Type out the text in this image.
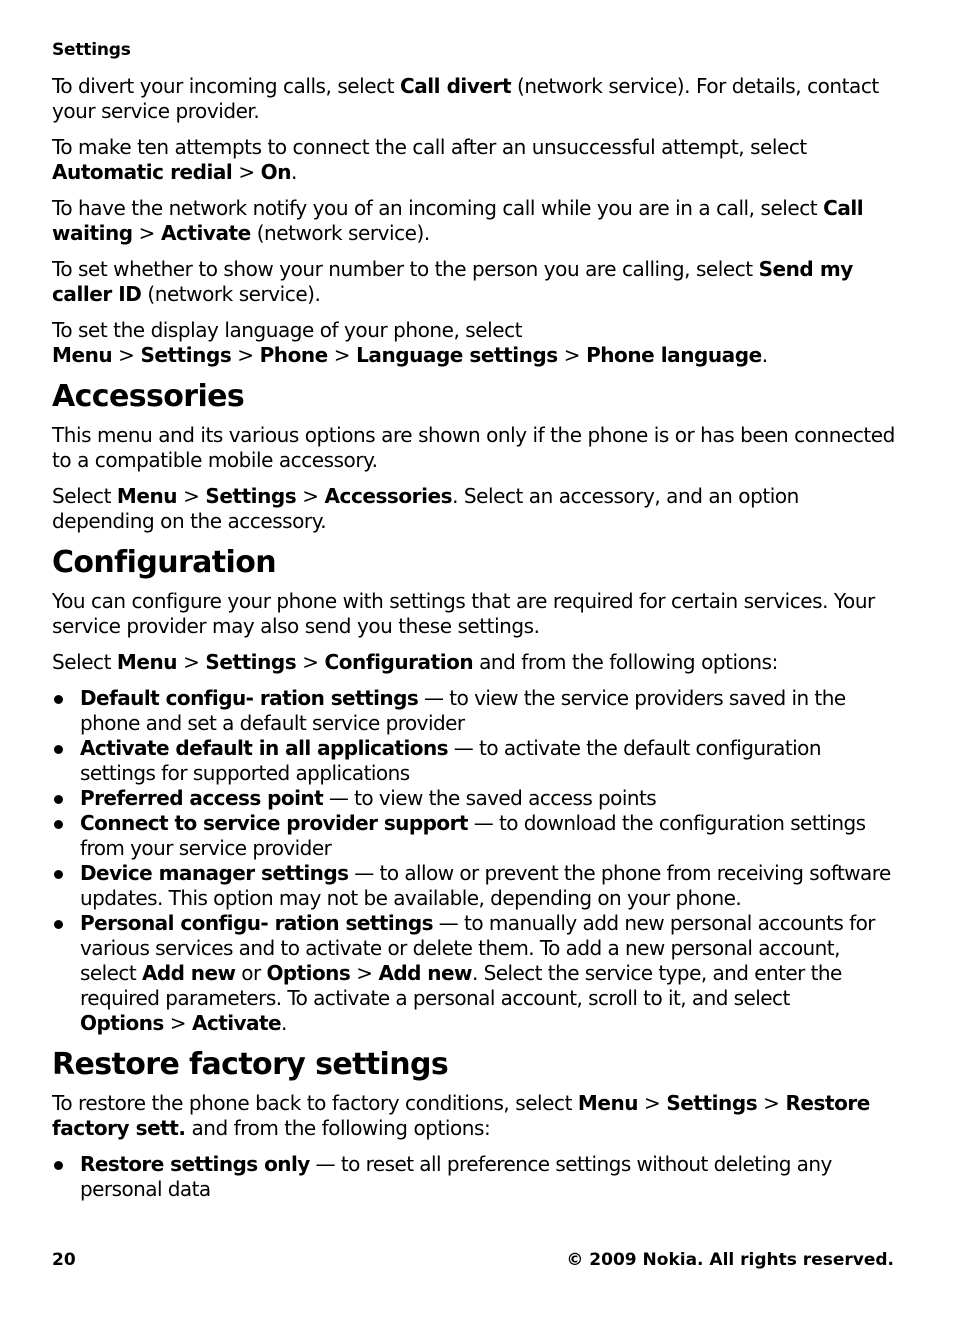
Settings

To divert your incoming calls, select Call divert (network service). For details, contact your service provider.

To make ten attempts to connect the call after an unsuccessful attempt, select Automatic redial > On.

To have the network notify you of an incoming call while you are in a call, select Call waiting > Activate (network service).

To set whether to show your number to the person you are calling, select Send my caller ID (network service).

To set the display language of your phone, select Menu > Settings > Phone > Language settings > Phone language.

Accessories

This menu and its various options are shown only if the phone is or has been connected to a compatible mobile accessory.

Select Menu > Settings > Accessories. Select an accessory, and an option depending on the accessory.

Configuration

You can configure your phone with settings that are required for certain services. Your service provider may also send you these settings.

Select Menu > Settings > Configuration and from the following options:

Default configu- ration settings — to view the service providers saved in the phone and set a default service provider
Activate default in all applications — to activate the default configuration settings for supported applications
Preferred access point — to view the saved access points
Connect to service provider support — to download the configuration settings from your service provider
Device manager settings — to allow or prevent the phone from receiving software updates. This option may not be available, depending on your phone.
Personal configu- ration settings — to manually add new personal accounts for various services and to activate or delete them. To add a new personal account, select Add new or Options > Add new. Select the service type, and enter the required parameters. To activate a personal account, scroll to it, and select Options > Activate.
Restore factory settings

To restore the phone back to factory conditions, select Menu > Settings > Restore factory sett. and from the following options:

Restore settings only — to reset all preference settings without deleting any personal data
20	© 2009 Nokia. All rights reserved.
